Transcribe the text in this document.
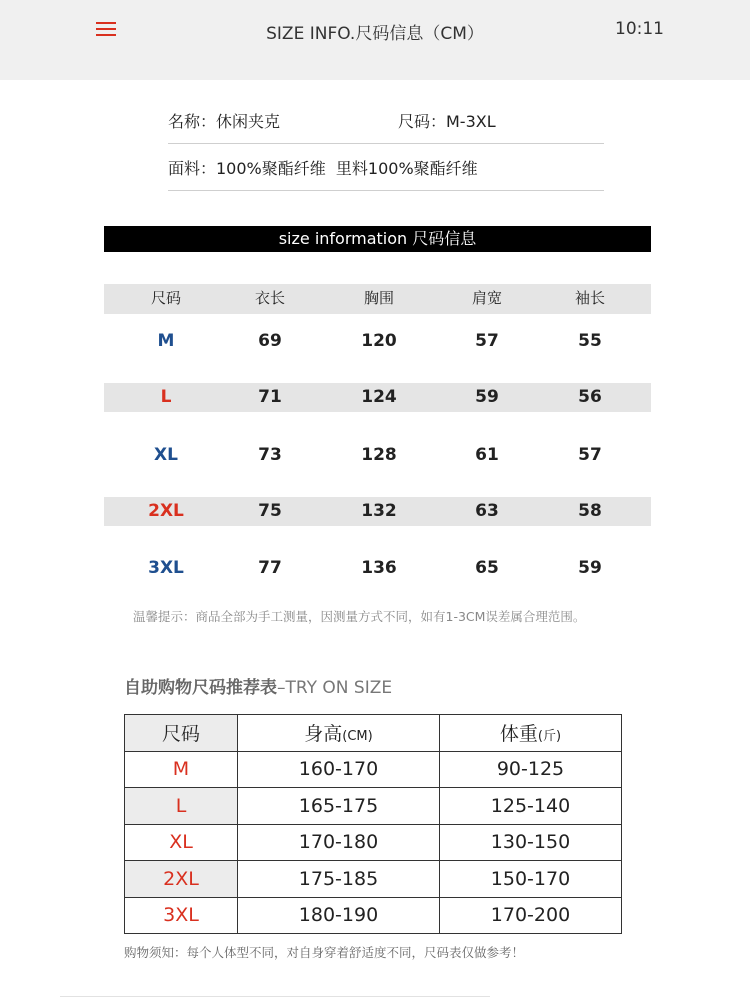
SIZE INFO.尺码信息（CM）	10:11
名称：休闲夹克	尺码：M-3XL
面料：100%聚酯纤维  里料100%聚酯纤维
size information 尺码信息
尺码	衣长	胸围	肩宽	袖长
M	69	120	57	55
L	71	124	59	56
XL	73	128	61	57
2XL	75	132	63	58
3XL	77	136	65	59
温馨提示：商品全部为手工测量，因测量方式不同，如有1-3CM误差属合理范围。
自助购物尺码推荐表–TRY ON SIZE
尺码	身高(CM)	体重(斤)
M	160-170	90-125
L	165-175	125-140
XL	170-180	130-150
2XL	175-185	150-170
3XL	180-190	170-200
购物须知：每个人体型不同，对自身穿着舒适度不同，尺码表仅做参考！
